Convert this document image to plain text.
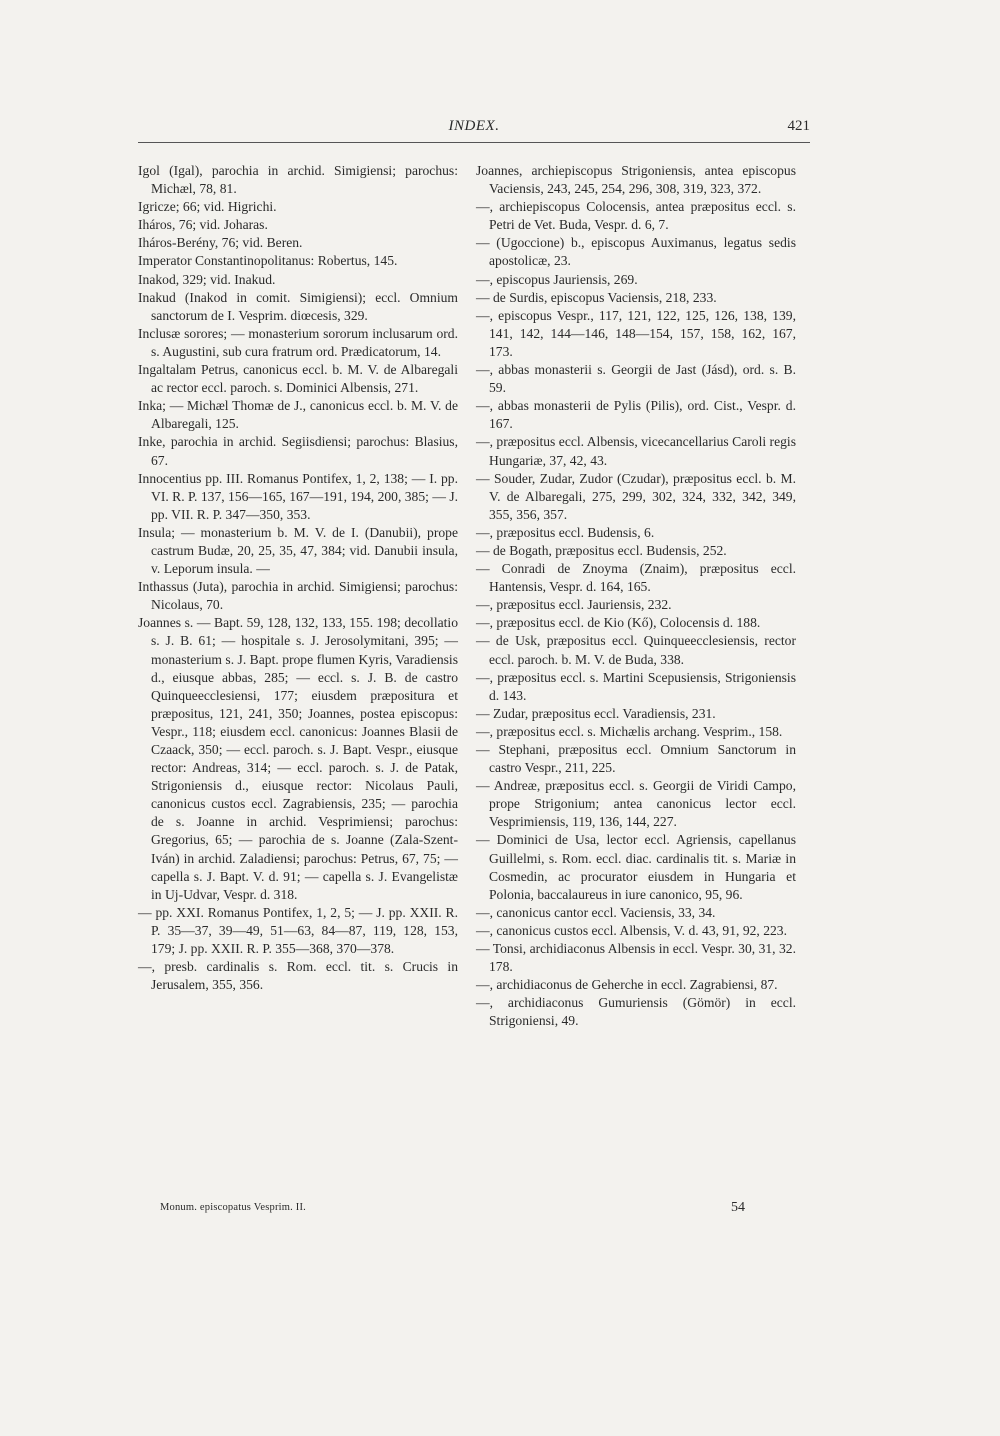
INDEX.	421

Igol (Igal), parochia in archid. Simigiensi; parochus: Michæl, 78, 81.

Igricze; 66; vid. Higrichi.

Iháros, 76; vid. Joharas.

Iháros-Berény, 76; vid. Beren.

Imperator Constantinopolitanus: Robertus, 145.

Inakod, 329; vid. Inakud.

Inakud (Inakod in comit. Simigiensi); eccl. Omnium sanctorum de I. Vesprim. diœcesis, 329.

Inclusæ sorores; — monasterium sororum inclusarum ord. s. Augustini, sub cura fratrum ord. Prædicatorum, 14.

Ingaltalam Petrus, canonicus eccl. b. M. V. de Albaregali ac rector eccl. paroch. s. Dominici Albensis, 271.

Inka; — Michæl Thomæ de J., canonicus eccl. b. M. V. de Albaregali, 125.

Inke, parochia in archid. Segiisdiensi; parochus: Blasius, 67.

Innocentius pp. III. Romanus Pontifex, 1, 2, 138; — I. pp. VI. R. P. 137, 156—165, 167—191, 194, 200, 385; — J. pp. VII. R. P. 347—350, 353.

Insula; — monasterium b. M. V. de I. (Danubii), prope castrum Budæ, 20, 25, 35, 47, 384; vid. Danubii insula, v. Leporum insula. —

Inthassus (Juta), parochia in archid. Simigiensi; parochus: Nicolaus, 70.

Joannes s. — Bapt. 59, 128, 132, 133, 155. 198; decollatio s. J. B. 61; — hospitale s. J. Jerosolymitani, 395; — monasterium s. J. Bapt. prope flumen Kyris, Varadiensis d., eiusque abbas, 285; — eccl. s. J. B. de castro Quinqueecclesiensi, 177; eiusdem præpositura et præpositus, 121, 241, 350; Joannes, postea episcopus: Vespr., 118; eiusdem eccl. canonicus: Joannes Blasii de Czaack, 350; — eccl. paroch. s. J. Bapt. Vespr., eiusque rector: Andreas, 314; — eccl. paroch. s. J. de Patak, Strigoniensis d., eiusque rector: Nicolaus Pauli, canonicus custos eccl. Zagrabiensis, 235; — parochia de s. Joanne in archid. Vesprimiensi; parochus: Gregorius, 65; — parochia de s. Joanne (Zala-Szent-Iván) in archid. Zaladiensi; parochus: Petrus, 67, 75; — capella s. J. Bapt. V. d. 91; — capella s. J. Evangelistæ in Uj-Udvar, Vespr. d. 318.

— pp. XXI. Romanus Pontifex, 1, 2, 5; — J. pp. XXII. R. P. 35—37, 39—49, 51—63, 84—87, 119, 128, 153, 179; J. pp. XXII. R. P. 355—368, 370—378.

—, presb. cardinalis s. Rom. eccl. tit. s. Crucis in Jerusalem, 355, 356.

Joannes, archiepiscopus Strigoniensis, antea episcopus Vaciensis, 243, 245, 254, 296, 308, 319, 323, 372.

—, archiepiscopus Colocensis, antea præpositus eccl. s. Petri de Vet. Buda, Vespr. d. 6, 7.

— (Ugoccione) b., episcopus Auximanus, legatus sedis apostolicæ, 23.

—, episcopus Jauriensis, 269.

— de Surdis, episcopus Vaciensis, 218, 233.

—, episcopus Vespr., 117, 121, 122, 125, 126, 138, 139, 141, 142, 144—146, 148—154, 157, 158, 162, 167, 173.

—, abbas monasterii s. Georgii de Jast (Jásd), ord. s. B. 59.

—, abbas monasterii de Pylis (Pilis), ord. Cist., Vespr. d. 167.

—, præpositus eccl. Albensis, vicecancellarius Caroli regis Hungariæ, 37, 42, 43.

— Souder, Zudar, Zudor (Czudar), præpositus eccl. b. M. V. de Albaregali, 275, 299, 302, 324, 332, 342, 349, 355, 356, 357.

—, præpositus eccl. Budensis, 6.

— de Bogath, præpositus eccl. Budensis, 252.

— Conradi de Znoyma (Znaim), præpositus eccl. Hantensis, Vespr. d. 164, 165.

—, præpositus eccl. Jauriensis, 232.

—, præpositus eccl. de Kio (Kő), Colocensis d. 188.

— de Usk, præpositus eccl. Quinqueecclesiensis, rector eccl. paroch. b. M. V. de Buda, 338.

—, præpositus eccl. s. Martini Scepusiensis, Strigoniensis d. 143.

— Zudar, præpositus eccl. Varadiensis, 231.

—, præpositus eccl. s. Michælis archang. Vesprim., 158.

— Stephani, præpositus eccl. Omnium Sanctorum in castro Vespr., 211, 225.

— Andreæ, præpositus eccl. s. Georgii de Viridi Campo, prope Strigonium; antea canonicus lector eccl. Vesprimiensis, 119, 136, 144, 227.

— Dominici de Usa, lector eccl. Agriensis, capellanus Guillelmi, s. Rom. eccl. diac. cardinalis tit. s. Mariæ in Cosmedin, ac procurator eiusdem in Hungaria et Polonia, baccalaureus in iure canonico, 95, 96.

—, canonicus cantor eccl. Vaciensis, 33, 34.

—, canonicus custos eccl. Albensis, V. d. 43, 91, 92, 223.

— Tonsi, archidiaconus Albensis in eccl. Vespr. 30, 31, 32. 178.

—, archidiaconus de Geherche in eccl. Zagrabiensi, 87.

—, archidiaconus Gumuriensis (Gömör) in eccl. Strigoniensi, 49.

Monum. episcopatus Vesprim. II.	54
